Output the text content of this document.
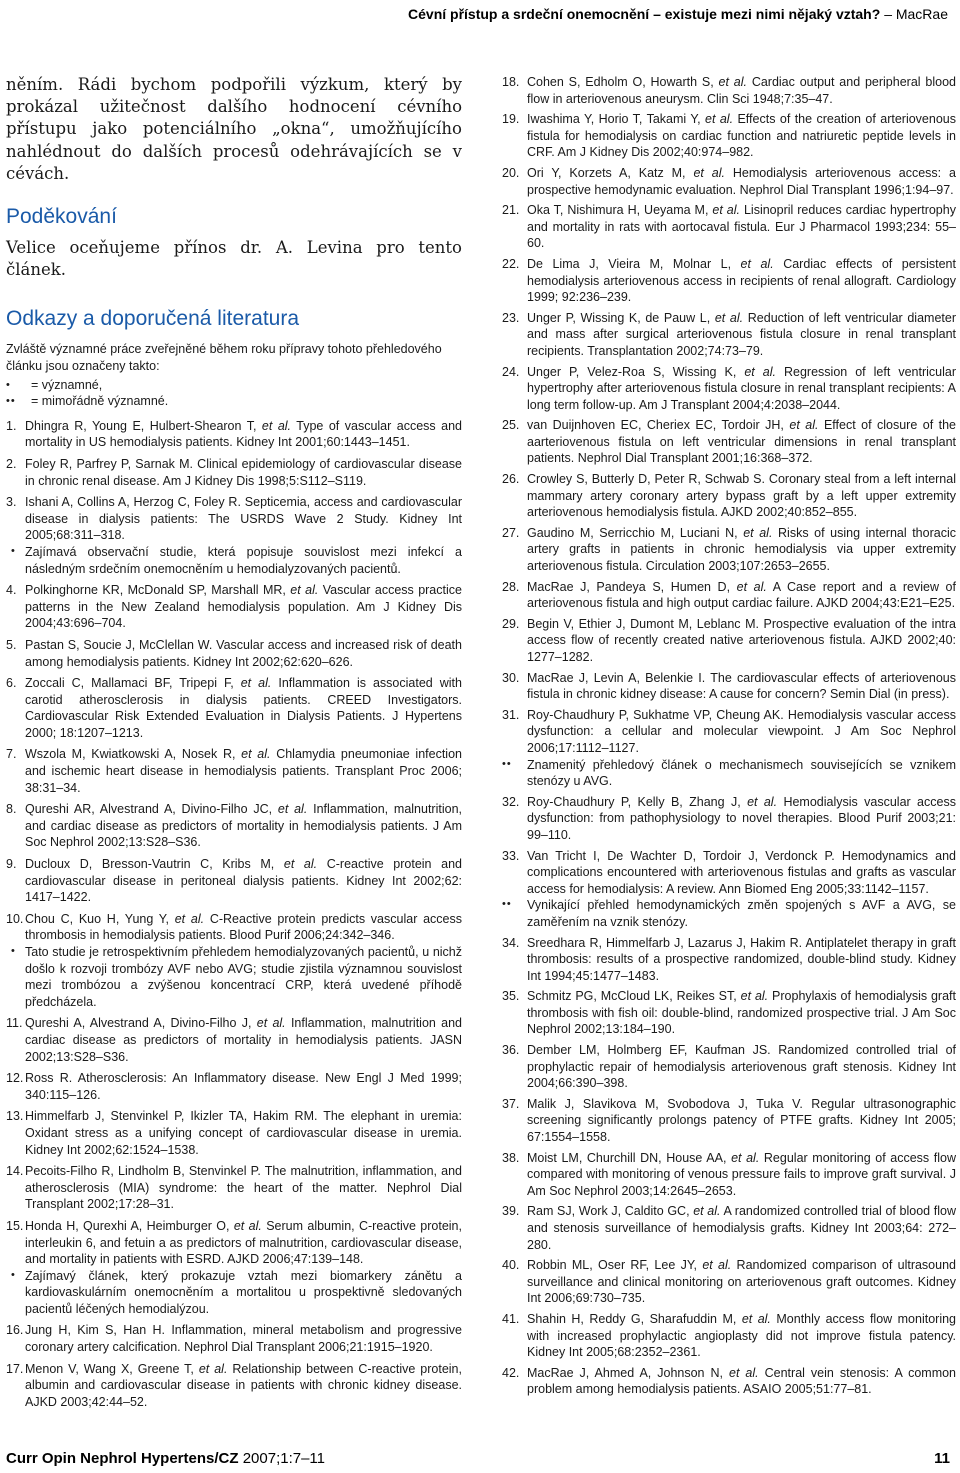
Cévní přístup a srdeční onemocnění – existuje mezi nimi nějaký vztah? – MacRae

něním. Rádi bychom podpořili výzkum, který by prokázal užitečnost dalšího hodnocení cévního přístupu jako potenciálního „okna“, umožňujícího nahlédnout do dalších procesů odehrávajících se v cévách.

Poděkování

Velice oceňujeme přínos dr. A. Levina pro tento článek.

Odkazy a doporučená literatura

Zvláště významné práce zveřejněné během roku přípravy tohoto přehledového článku jsou označeny takto:

• = významné,
•• = mimořádně významné.
1. Dhingra R, Young E, Hulbert-Shearon T, et al. Type of vascular access and mortality in US hemodialysis patients. Kidney Int 2001;60:1443–1451.
2. Foley R, Parfrey P, Sarnak M. Clinical epidemiology of cardiovascular disease in chronic renal disease. Am J Kidney Dis 1998;5:S112–S119.
3. Ishani A, Collins A, Herzog C, Foley R. Septicemia, access and cardiovascular disease in dialysis patients: The USRDS Wave 2 Study. Kidney Int 2005;68:311–318.
• Zajímavá observační studie, která popisuje souvislost mezi infekcí a následným srdečním onemocněním u hemodialyzovaných pacientů.
4. Polkinghorne KR, McDonald SP, Marshall MR, et al. Vascular access practice patterns in the New Zealand hemodialysis population. Am J Kidney Dis 2004;43:696–704.
5. Pastan S, Soucie J, McClellan W. Vascular access and increased risk of death among hemodialysis patients. Kidney Int 2002;62:620–626.
6. Zoccali C, Mallamaci BF, Tripepi F, et al. Inflammation is associated with carotid atherosclerosis in dialysis patients. CREED Investigators. Cardiovascular Risk Extended Evaluation in Dialysis Patients. J Hypertens 2000; 18:1207–1213.
7. Wszola M, Kwiatkowski A, Nosek R, et al. Chlamydia pneumoniae infection and ischemic heart disease in hemodialysis patients. Transplant Proc 2006; 38:31–34.
8. Qureshi AR, Alvestrand A, Divino-Filho JC, et al. Inflammation, malnutrition, and cardiac disease as predictors of mortality in hemodialysis patients. J Am Soc Nephrol 2002;13:S28–S36.
9. Ducloux D, Bresson-Vautrin C, Kribs M, et al. C-reactive protein and cardiovascular disease in peritoneal dialysis patients. Kidney Int 2002;62: 1417–1422.
10. Chou C, Kuo H, Yung Y, et al. C-Reactive protein predicts vascular access thrombosis in hemodialysis patients. Blood Purif 2006;24:342–346.
• Tato studie je retrospektivním přehledem hemodialyzovaných pacientů, u nichž došlo k rozvoji trombózy AVF nebo AVG; studie zjistila významnou souvislost mezi trombózou a zvýšenou koncentrací CRP, která uvedené příhodě předcházela.
11. Qureshi A, Alvestrand A, Divino-Filho J, et al. Inflammation, malnutrition and cardiac disease as predictors of mortality in hemodialysis patients. JASN 2002;13:S28–S36.
12. Ross R. Atherosclerosis: An Inflammatory disease. New Engl J Med 1999; 340:115–126.
13. Himmelfarb J, Stenvinkel P, Ikizler TA, Hakim RM. The elephant in uremia: Oxidant stress as a unifying concept of cardiovascular disease in uremia. Kidney Int 2002;62:1524–1538.
14. Pecoits-Filho R, Lindholm B, Stenvinkel P. The malnutrition, inflammation, and atherosclerosis (MIA) syndrome: the heart of the matter. Nephrol Dial Transplant 2002;17:28–31.
15. Honda H, Qurexhi A, Heimburger O, et al. Serum albumin, C-reactive protein, interleukin 6, and fetuin a as predictors of malnutrition, cardiovascular disease, and mortality in patients with ESRD. AJKD 2006;47:139–148.
• Zajímavý článek, který prokazuje vztah mezi biomarkery zánětu a kardiovaskulárním onemocněním a mortalitou u prospektivně sledovaných pacientů léčených hemodialýzou.
16. Jung H, Kim S, Han H. Inflammation, mineral metabolism and progressive coronary artery calcification. Nephrol Dial Transplant 2006;21:1915–1920.
17. Menon V, Wang X, Greene T, et al. Relationship between C-reactive protein, albumin and cardiovascular disease in patients with chronic kidney disease. AJKD 2003;42:44–52.
18. Cohen S, Edholm O, Howarth S, et al. Cardiac output and peripheral blood flow in arteriovenous aneurysm. Clin Sci 1948;7:35–47.
19. Iwashima Y, Horio T, Takami Y, et al. Effects of the creation of arteriovenous fistula for hemodialysis on cardiac function and natriuretic peptide levels in CRF. Am J Kidney Dis 2002;40:974–982.
20. Ori Y, Korzets A, Katz M, et al. Hemodialysis arteriovenous access: a prospective hemodynamic evaluation. Nephrol Dial Transplant 1996;1:94–97.
21. Oka T, Nishimura H, Ueyama M, et al. Lisinopril reduces cardiac hypertrophy and mortality in rats with aortocaval fistula. Eur J Pharmacol 1993;234: 55–60.
22. De Lima J, Vieira M, Molnar L, et al. Cardiac effects of persistent hemodialysis arteriovenous access in recipients of renal allograft. Cardiology 1999; 92:236–239.
23. Unger P, Wissing K, de Pauw L, et al. Reduction of left ventricular diameter and mass after surgical arteriovenous fistula closure in renal transplant recipients. Transplantation 2002;74:73–79.
24. Unger P, Velez-Roa S, Wissing K, et al. Regression of left ventricular hypertrophy after arteriovenous fistula closure in renal transplant recipients: A long term follow-up. Am J Transplant 2004;4:2038–2044.
25. van Duijnhoven EC, Cheriex EC, Tordoir JH, et al. Effect of closure of the aarteriovenous fistula on left ventricular dimensions in renal transplant patients. Nephrol Dial Transplant 2001;16:368–372.
26. Crowley S, Butterly D, Peter R, Schwab S. Coronary steal from a left internal mammary artery coronary artery bypass graft by a left upper extremity arteriovenous hemodialysis fistula. AJKD 2002;40:852–855.
27. Gaudino M, Serricchio M, Luciani N, et al. Risks of using internal thoracic artery grafts in patients in chronic hemodialysis via upper extremity arteriovenous fistula. Circulation 2003;107:2653–2655.
28. MacRae J, Pandeya S, Humen D, et al. A Case report and a review of arteriovenous fistula and high output cardiac failure. AJKD 2004;43:E21–E25.
29. Begin V, Ethier J, Dumont M, Leblanc M. Prospective evaluation of the intra access flow of recently created native arteriovenous fistula. AJKD 2002;40: 1277–1282.
30. MacRae J, Levin A, Belenkie I. The cardiovascular effects of arteriovenous fistula in chronic kidney disease: A cause for concern? Semin Dial (in press).
31. Roy-Chaudhury P, Sukhatme VP, Cheung AK. Hemodialysis vascular access dysfunction: a cellular and molecular viewpoint. J Am Soc Nephrol 2006;17:1112–1127.
•• Znamenitý přehledový článek o mechanismech souvisejících se vznikem stenózy u AVG.
32. Roy-Chaudhury P, Kelly B, Zhang J, et al. Hemodialysis vascular access dysfunction: from pathophysiology to novel therapies. Blood Purif 2003;21: 99–110.
33. Van Tricht I, De Wachter D, Tordoir J, Verdonck P. Hemodynamics and complications encountered with arteriovenous fistulas and grafts as vascular access for hemodialysis: A review. Ann Biomed Eng 2005;33:1142–1157.
•• Vynikající přehled hemodynamických změn spojených s AVF a AVG, se zaměřením na vznik stenózy.
34. Sreedhara R, Himmelfarb J, Lazarus J, Hakim R. Antiplatelet therapy in graft thrombosis: results of a prospective randomized, double-blind study. Kidney Int 1994;45:1477–1483.
35. Schmitz PG, McCloud LK, Reikes ST, et al. Prophylaxis of hemodialysis graft thrombosis with fish oil: double-blind, randomized prospective trial. J Am Soc Nephrol 2002;13:184–190.
36. Dember LM, Holmberg EF, Kaufman JS. Randomized controlled trial of prophylactic repair of hemodialysis arteriovenous graft stenosis. Kidney Int 2004;66:390–398.
37. Malik J, Slavikova M, Svobodova J, Tuka V. Regular ultrasonographic screening significantly prolongs patency of PTFE grafts. Kidney Int 2005; 67:1554–1558.
38. Moist LM, Churchill DN, House AA, et al. Regular monitoring of access flow compared with monitoring of venous pressure fails to improve graft survival. J Am Soc Nephrol 2003;14:2645–2653.
39. Ram SJ, Work J, Caldito GC, et al. A randomized controlled trial of blood flow and stenosis surveillance of hemodialysis grafts. Kidney Int 2003;64: 272–280.
40. Robbin ML, Oser RF, Lee JY, et al. Randomized comparison of ultrasound surveillance and clinical monitoring on arteriovenous graft outcomes. Kidney Int 2006;69:730–735.
41. Shahin H, Reddy G, Sharafuddin M, et al. Monthly access flow monitoring with increased prophylactic angioplasty did not improve fistula patency. Kidney Int 2005;68:2352–2361.
42. MacRae J, Ahmed A, Johnson N, et al. Central vein stenosis: A common problem among hemodialysis patients. ASAIO 2005;51:77–81.
Curr Opin Nephrol Hypertens/CZ 2007;1:7–11	11
